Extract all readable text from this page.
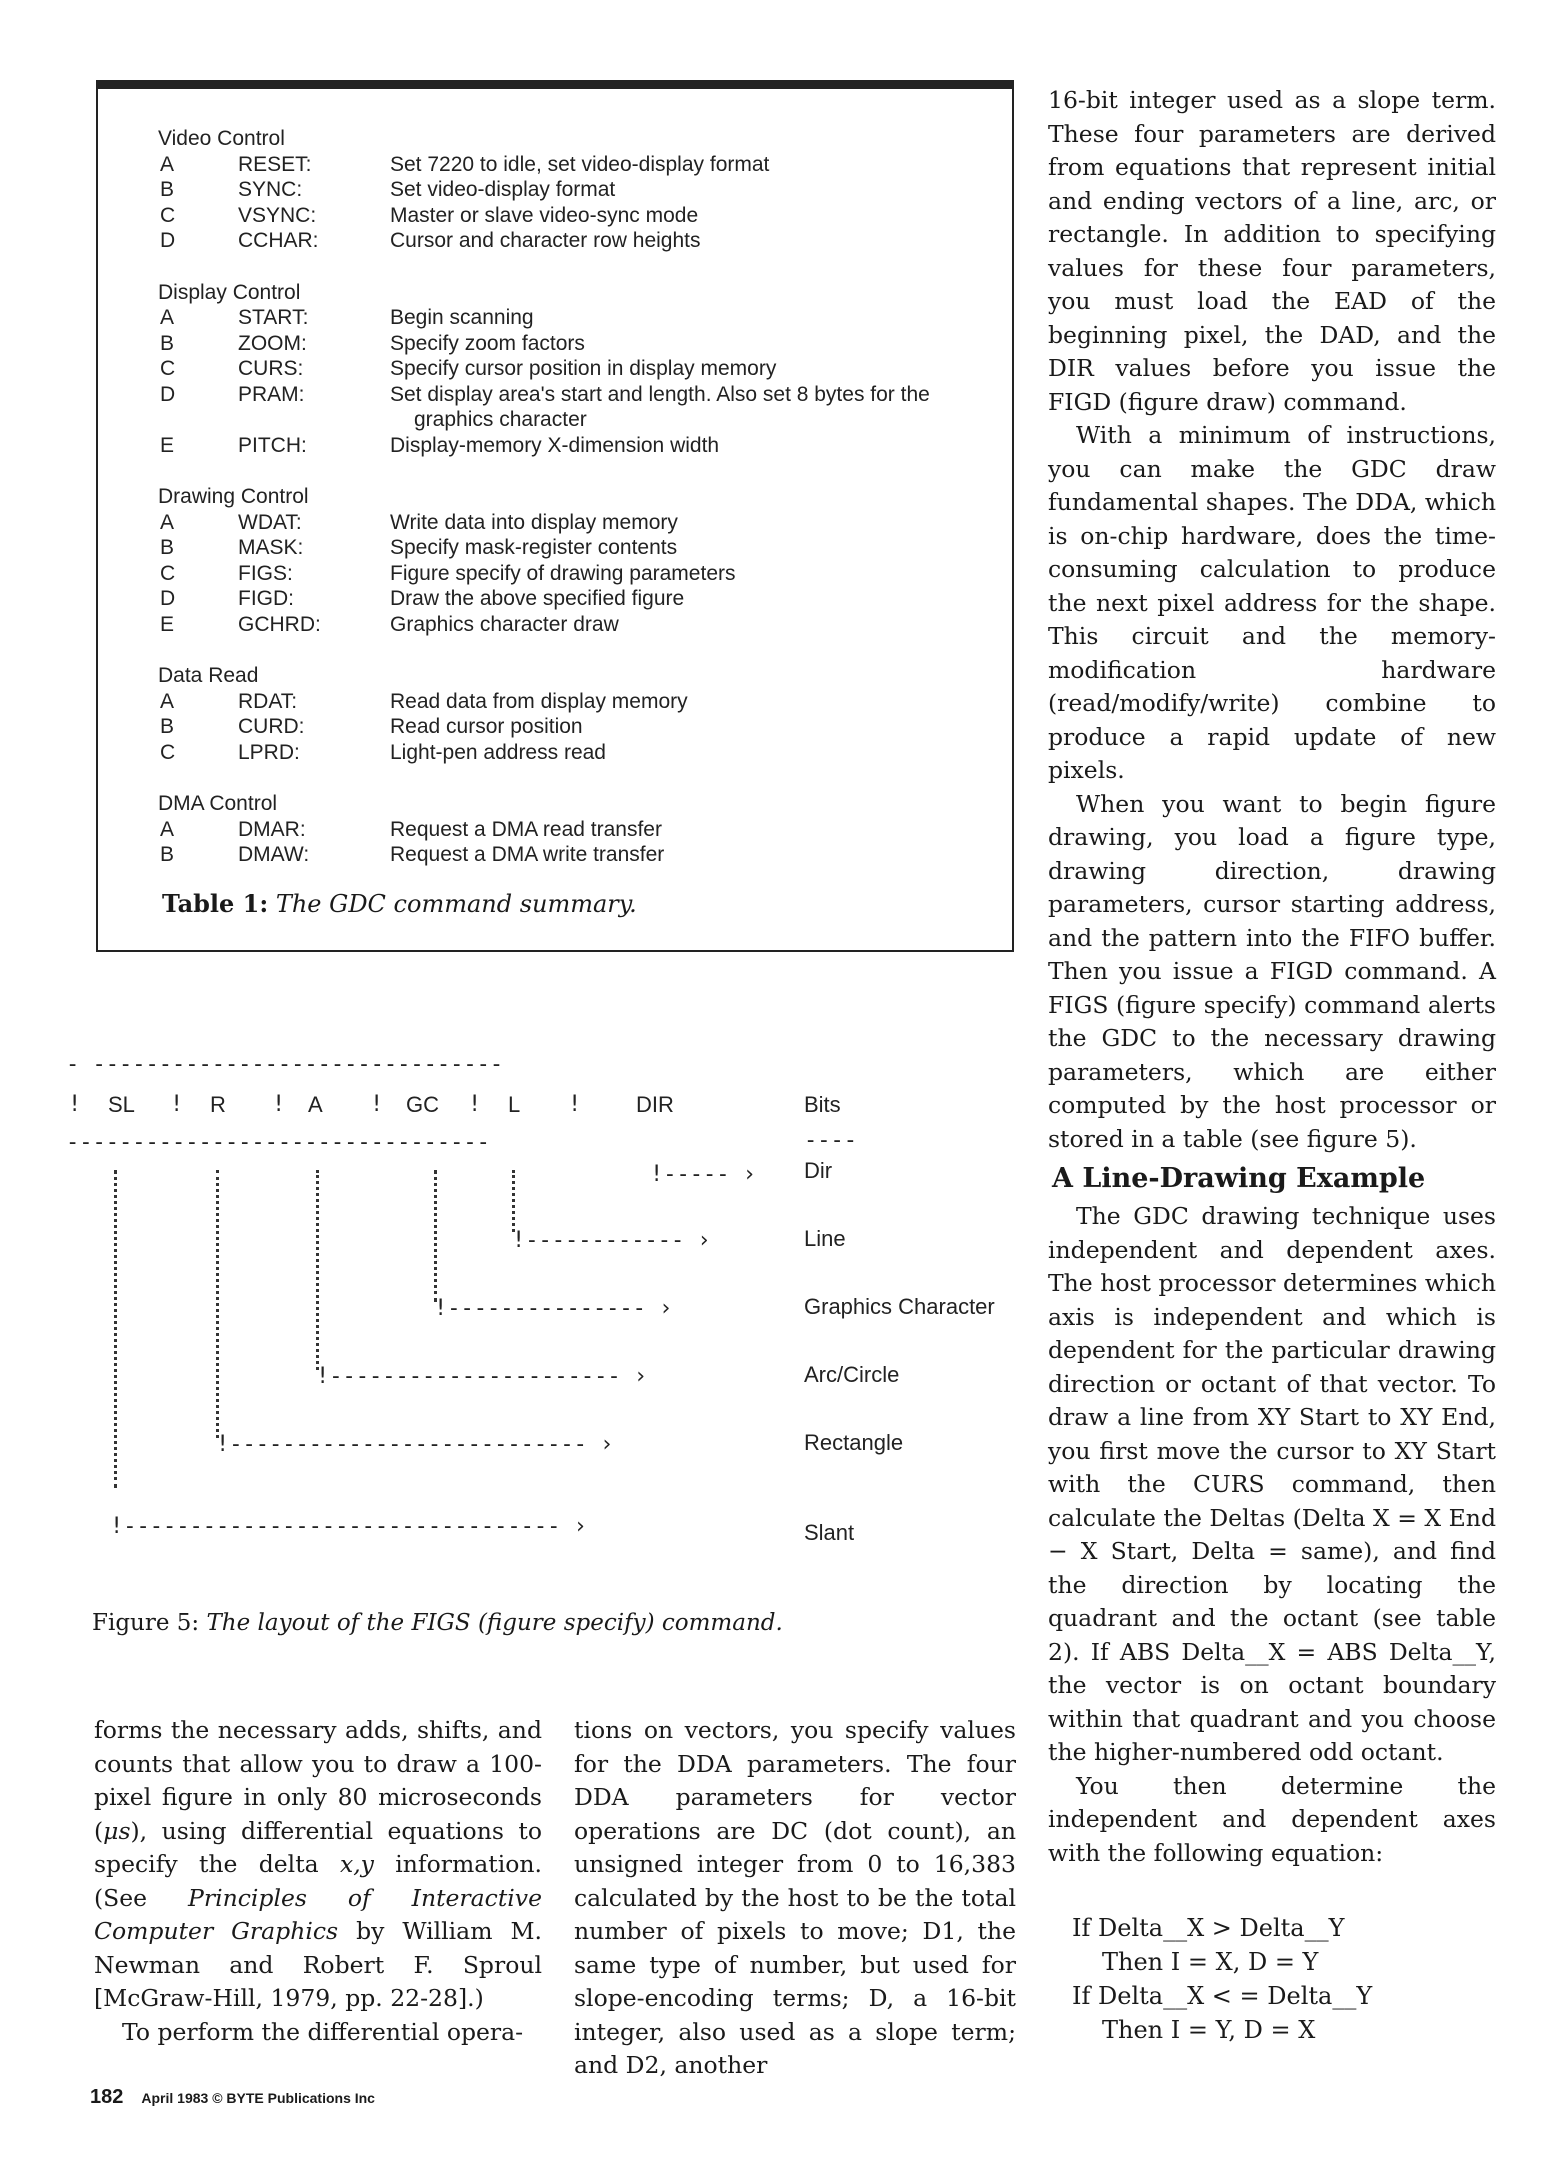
Table 1: The GDC command summary.
Video Control
A	RESET:	Set 7220 to idle, set video-display format
B	SYNC:	Set video-display format
C	VSYNC:	Master or slave video-sync mode
D	CCHAR:	Cursor and character row heights
Display Control
A	START:	Begin scanning
B	ZOOM:	Specify zoom factors
C	CURS:	Specify cursor position in display memory
D	PRAM:	Set display area's start and length. Also set 8 bytes for the
graphics character
E	PITCH:	Display-memory X-dimension width
Drawing Control
A	WDAT:	Write data into display memory
B	MASK:	Specify mask-register contents
C	FIGS:	Figure specify of drawing parameters
D	FIGD:	Draw the above specified figure
E	GCHRD:	Graphics character draw
Data Read
A	RDAT:	Read data from display memory
B	CURD:	Read cursor position
C	LPRD:	Light-pen address read
DMA Control
A	DMAR:	Request a DMA read transfer
B	DMAW:	Request a DMA write transfer
- -------------------------------
--------------------------------
! SL ! R ! A ! GC ! L ! DIR	Bits
----
!----- ›
!------------ ›
!--------------- ›
!---------------------- ›
!--------------------------- ›
!--------------------------------- ›
Dir
Line
Graphics Character
Arc/Circle
Rectangle
Slant
Figure 5: The layout of the FIGS (figure specify) command.

forms the necessary adds, shifts, and counts that allow you to draw a 100-pixel figure in only 80 microseconds (μs), using differential equations to specify the delta x,y information. (See Principles of Interactive Computer Graphics by William M. Newman and Robert F. Sproul [McGraw-Hill, 1979, pp. 22-28].)

To perform the differential opera-

tions on vectors, you specify values for the DDA parameters. The four DDA parameters for vector operations are DC (dot count), an unsigned integer from 0 to 16,383 calculated by the host to be the total number of pixels to move; D1, the same type of number, but used for slope-encoding terms; D, a 16-bit integer, also used as a slope term; and D2, another

16-bit integer used as a slope term. These four parameters are derived from equations that represent initial and ending vectors of a line, arc, or rectangle. In addition to specifying values for these four parameters, you must load the EAD of the beginning pixel, the DAD, and the DIR values before you issue the FIGD (figure draw) command.

With a minimum of instructions, you can make the GDC draw fundamental shapes. The DDA, which is on-chip hardware, does the time-consuming calculation to produce the next pixel address for the shape. This circuit and the memory-modification hardware (read/modify/write) combine to produce a rapid update of new pixels.

When you want to begin figure drawing, you load a figure type, drawing direction, drawing parameters, cursor starting address, and the pattern into the FIFO buffer. Then you issue a FIGD command. A FIGS (figure specify) command alerts the GDC to the necessary drawing parameters, which are either computed by the host processor or stored in a table (see figure 5).

A Line-Drawing Example

The GDC drawing technique uses independent and dependent axes. The host processor determines which axis is independent and which is dependent for the particular drawing direction or octant of that vector. To draw a line from XY Start to XY End, you first move the cursor to XY Start with the CURS command, then calculate the Deltas (Delta X = X End − X Start, Delta = same), and find the direction by locating the quadrant and the octant (see table 2). If ABS Delta__X = ABS Delta__Y, the vector is on octant boundary within that quadrant and you choose the higher-numbered odd octant.

You then determine the independent and dependent axes with the following equation:

If Delta__X > Delta__Y
Then I = X, D = Y
If Delta__X < = Delta__Y
Then I = Y, D = X
182 April 1983 © BYTE Publications Inc
